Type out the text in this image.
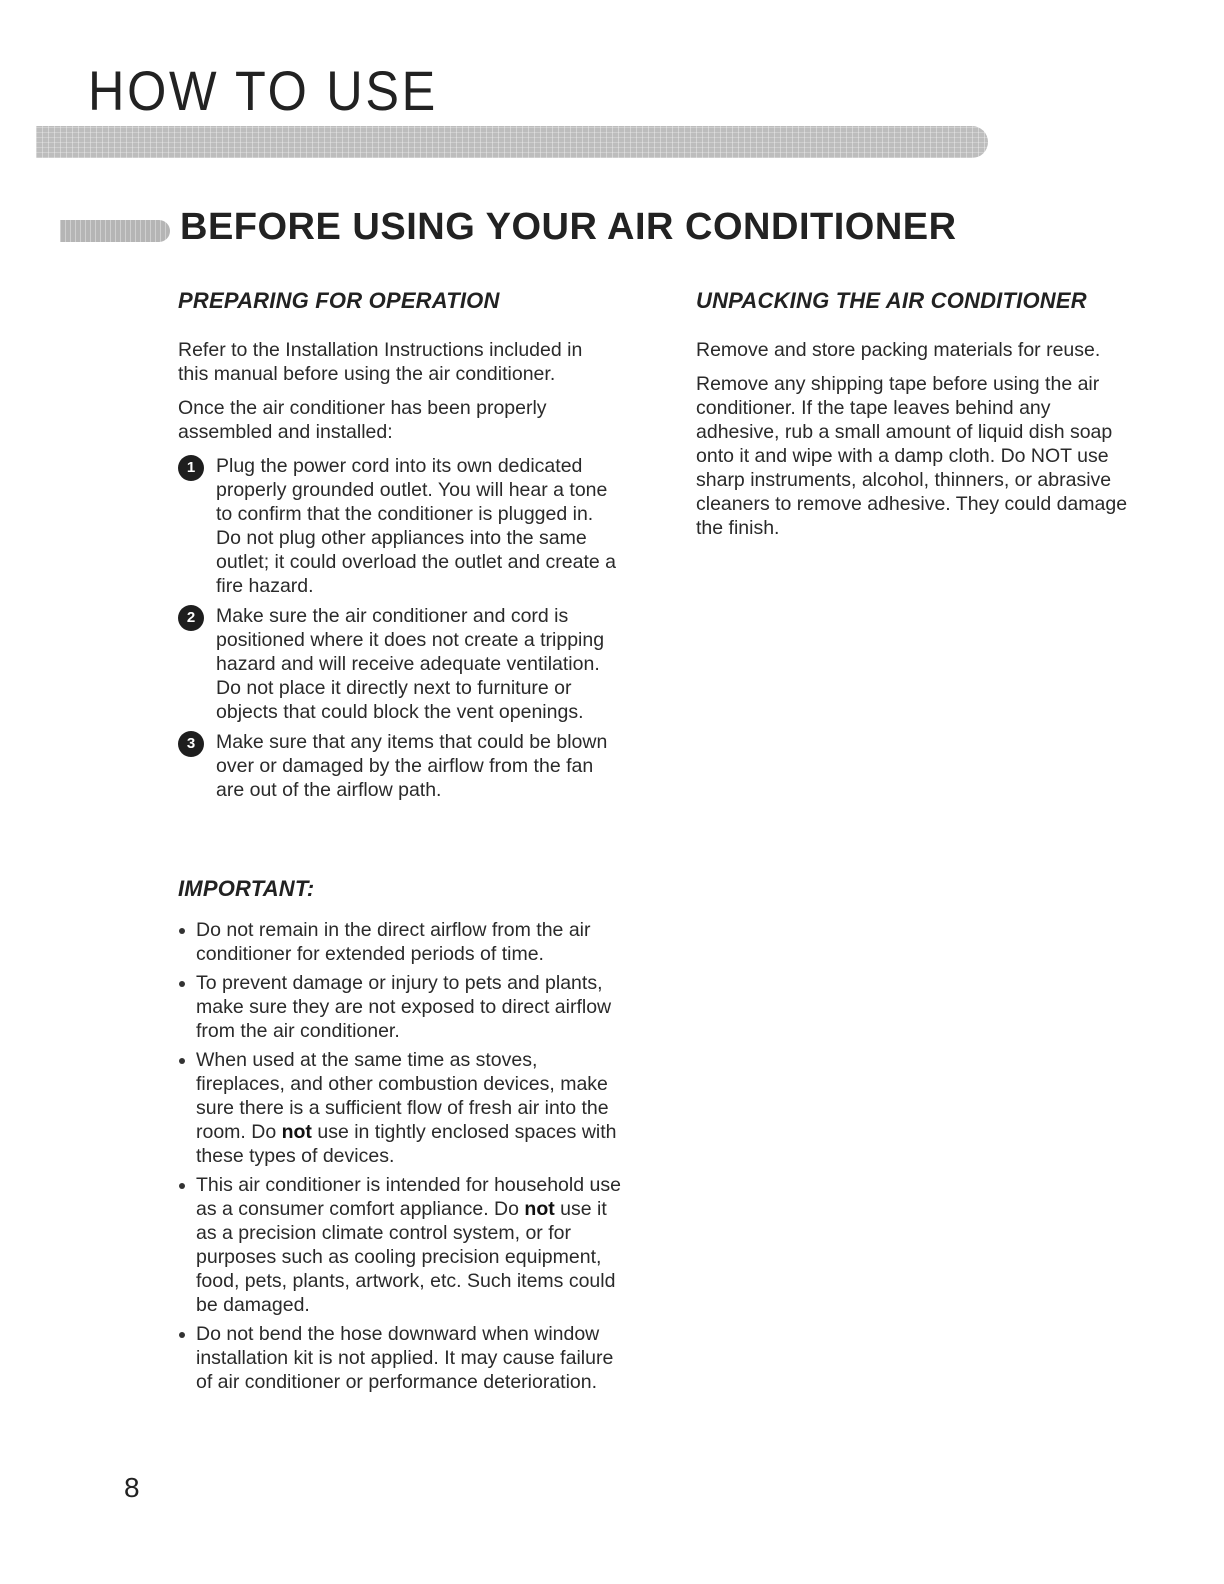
HOW TO USE
BEFORE USING YOUR AIR CONDITIONER
PREPARING FOR OPERATION

Refer to the Installation Instructions included in this manual before using the air conditioner.

Once the air conditioner has been properly assembled and installed:

1	Plug the power cord into its own dedicated properly grounded outlet. You will hear a tone to confirm that the conditioner is plugged in. Do not plug other appliances into the same outlet; it could overload the outlet and create a fire hazard.
2	Make sure the air conditioner and cord is positioned where it does not create a tripping hazard and will receive adequate ventilation. Do not place it directly next to furniture or objects that could block the vent openings.
3	Make sure that any items that could be blown over or damaged by the airflow from the fan are out of the airflow path.
UNPACKING THE AIR CONDITIONER

Remove and store packing materials for reuse.

Remove any shipping tape before using the air conditioner. If the tape leaves behind any adhesive, rub a small amount of liquid dish soap onto it and wipe with a damp cloth. Do NOT use sharp instruments, alcohol, thinners, or abrasive cleaners to remove adhesive. They could damage the finish.

IMPORTANT:
Do not remain in the direct airflow from the air conditioner for extended periods of time.
To prevent damage or injury to pets and plants, make sure they are not exposed to direct airflow from the air conditioner.
When used at the same time as stoves, fireplaces, and other combustion devices, make sure there is a sufficient flow of fresh air into the room. Do not use in tightly enclosed spaces with these types of devices.
This air conditioner is intended for household use as a consumer comfort appliance. Do not use it as a precision climate control system, or for purposes such as cooling precision equipment, food, pets, plants, artwork, etc. Such items could be damaged.
Do not bend the hose downward when window installation kit is not applied. It may cause failure of air conditioner or performance deterioration.
8
